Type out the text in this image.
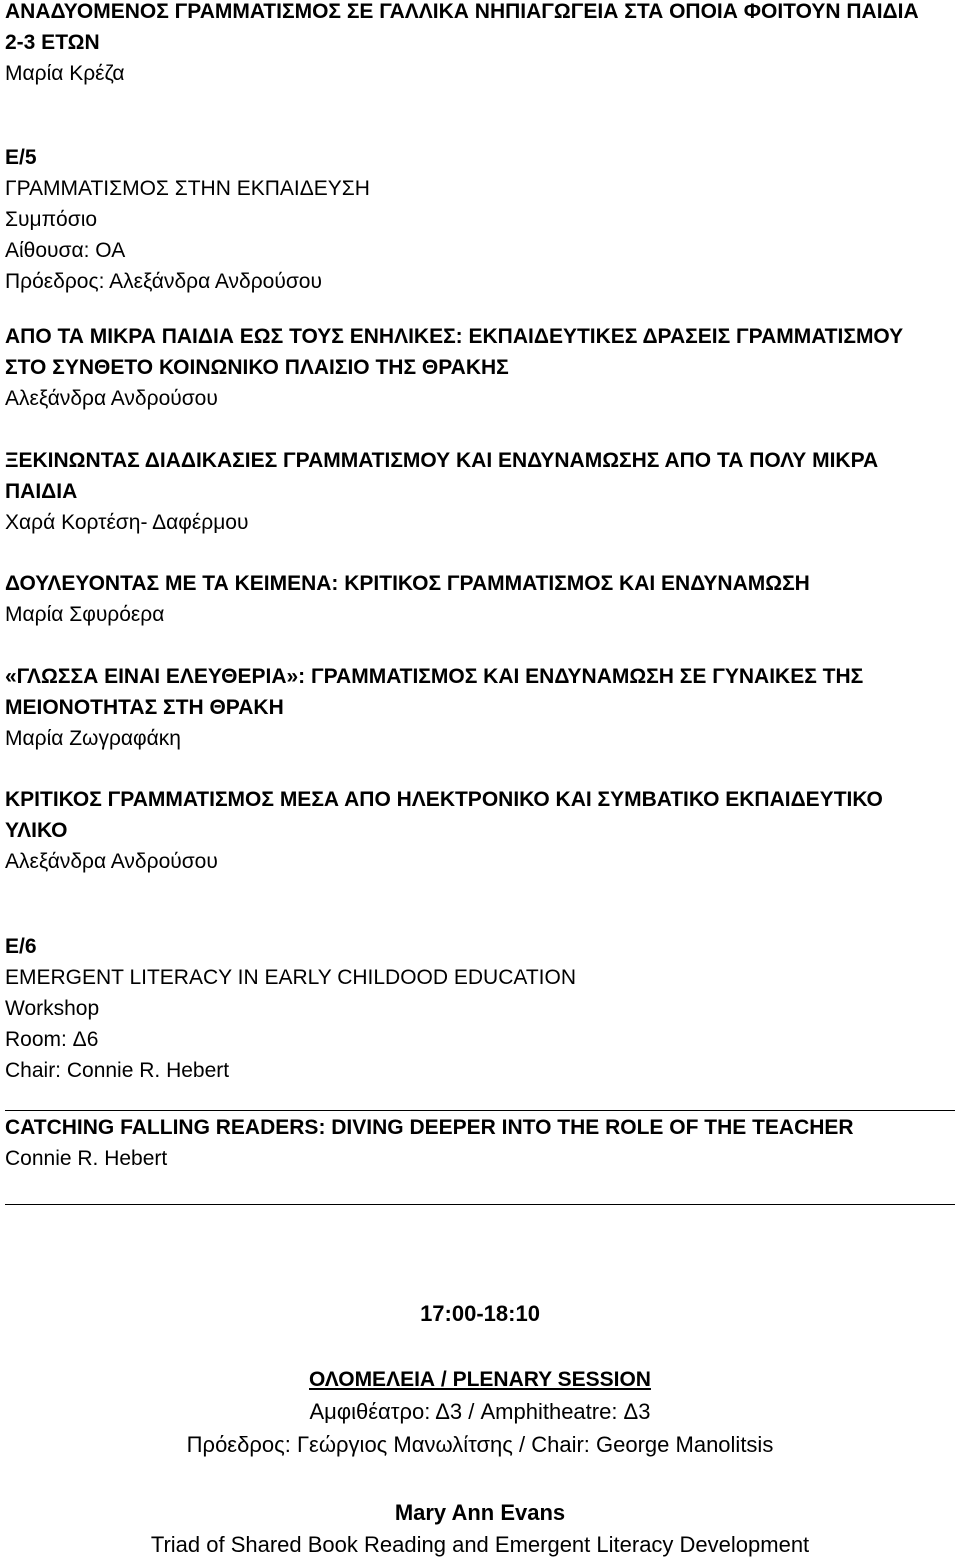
ΑΝΑΔΥΟΜΕΝΟΣ ΓΡΑΜΜΑΤΙΣΜΟΣ ΣΕ ΓΑΛΛΙΚΑ ΝΗΠΙΑΓΩΓΕΙΑ ΣΤΑ ΟΠΟΙΑ ΦΟΙΤΟΥΝ ΠΑΙΔΙΑ
2-3 ΕΤΩΝ
Μαρία Κρέζα
Ε/5
ΓΡΑΜΜΑΤΙΣΜΟΣ ΣΤΗΝ ΕΚΠΑΙΔΕΥΣΗ
Συμπόσιο
Αίθουσα: ΟΑ
Πρόεδρος: Αλεξάνδρα Ανδρούσου
ΑΠΟ ΤΑ ΜΙΚΡΑ ΠΑΙΔΙΑ ΕΩΣ ΤΟΥΣ ΕΝΗΛΙΚΕΣ: ΕΚΠΑΙΔΕΥΤΙΚΕΣ ΔΡΑΣΕΙΣ ΓΡΑΜΜΑΤΙΣΜΟΥ
ΣΤΟ ΣΥΝΘΕΤΟ ΚΟΙΝΩΝΙΚΟ ΠΛΑΙΣΙΟ ΤΗΣ ΘΡΑΚΗΣ
Αλεξάνδρα Ανδρούσου
ΞΕΚΙΝΩΝΤΑΣ ΔΙΑΔΙΚΑΣΙΕΣ ΓΡΑΜΜΑΤΙΣΜΟΥ ΚΑΙ ΕΝΔΥΝΑΜΩΣΗΣ ΑΠΟ ΤΑ ΠΟΛΥ ΜΙΚΡΑ
ΠΑΙΔΙΑ
Χαρά Κορτέση- Δαφέρμου
ΔΟΥΛΕΥΟΝΤΑΣ ΜΕ ΤΑ ΚΕΙΜΕΝΑ: ΚΡΙΤΙΚΟΣ ΓΡΑΜΜΑΤΙΣΜΟΣ ΚΑΙ ΕΝΔΥΝΑΜΩΣΗ
Μαρία Σφυρόερα
«ΓΛΩΣΣΑ ΕΙΝΑΙ ΕΛΕΥΘΕΡΙΑ»: ΓΡΑΜΜΑΤΙΣΜΟΣ ΚΑΙ ΕΝΔΥΝΑΜΩΣΗ ΣΕ ΓΥΝΑΙΚΕΣ ΤΗΣ
ΜΕΙΟΝΟΤΗΤΑΣ ΣΤΗ ΘΡΑΚΗ
Μαρία Ζωγραφάκη
ΚΡΙΤΙΚΟΣ ΓΡΑΜΜΑΤΙΣΜΟΣ ΜΕΣΑ ΑΠΟ ΗΛΕΚΤΡΟΝΙΚΟ ΚΑΙ ΣΥΜΒΑΤΙΚΟ ΕΚΠΑΙΔΕΥΤΙΚΟ
ΥΛΙΚΟ
Αλεξάνδρα Ανδρούσου
Ε/6
EMERGENT LITERACY IN EARLY CHILDOOD EDUCATION
Workshop
Room: Δ6
Chair: Connie R. Hebert
CATCHING FALLING READERS: DIVING DEEPER INTO THE ROLE OF THE TEACHER
Connie R. Hebert
17:00-18:10
ΟΛΟΜΕΛΕΙΑ / PLENARY SESSION
Αμφιθέατρο: Δ3 / Amphitheatre: Δ3
Πρόεδρος: Γεώργιος Μανωλίτσης / Chair: George Manolitsis
Mary Ann Evans
Triad of Shared Book Reading and Emergent Literacy Development
